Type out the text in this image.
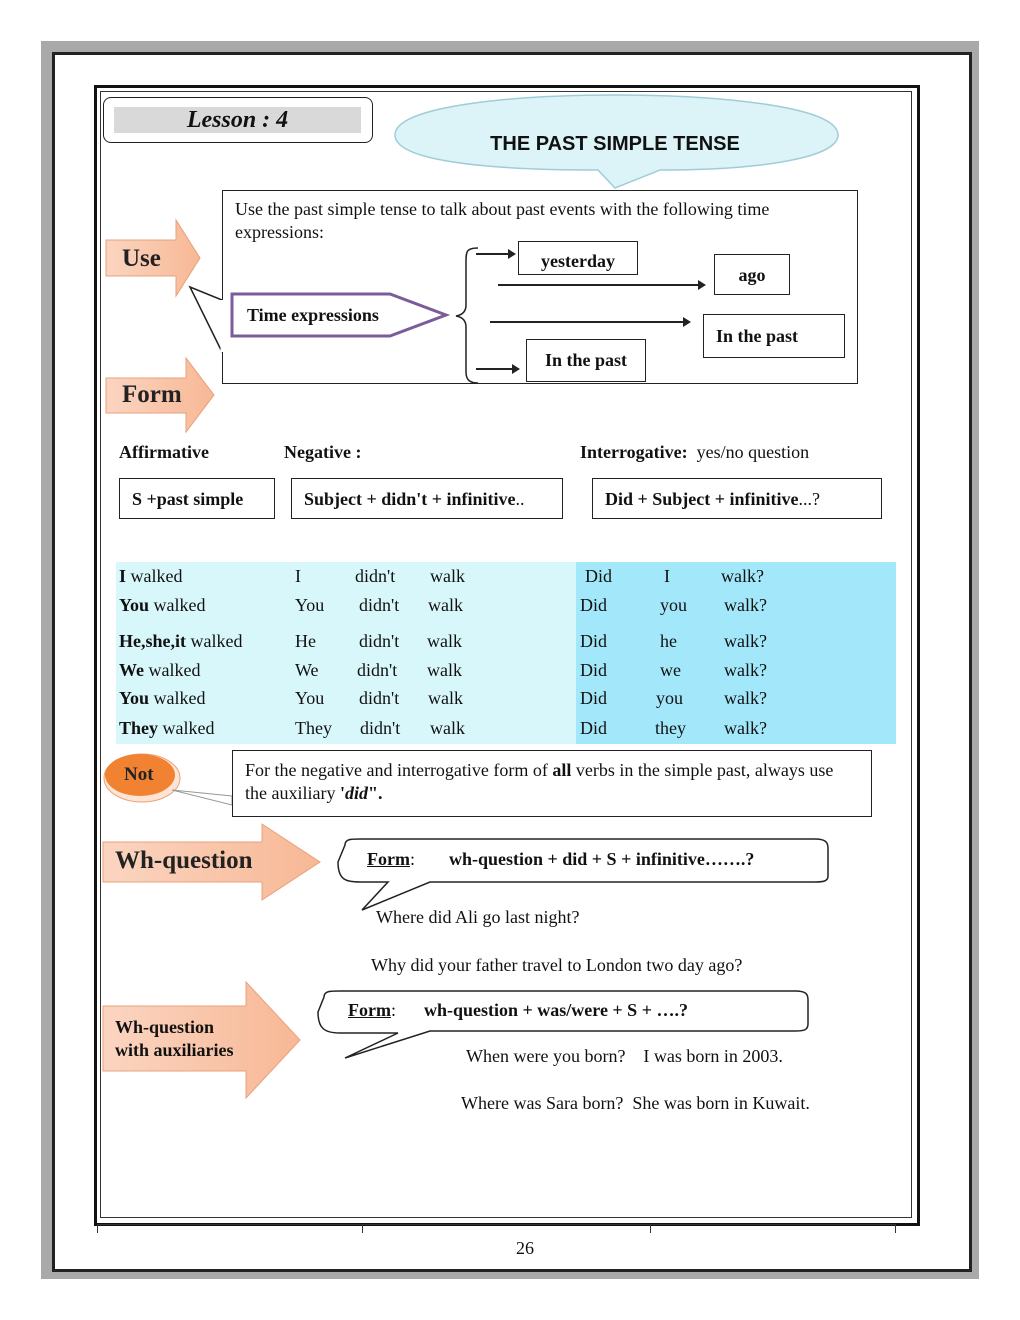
Lesson : 4
THE PAST SIMPLE TENSE
Use the past simple tense to talk about past events with the following time expressions:
Use
Form
Time expressions
yesterday
ago
In the past
In the past
Affirmative	Negative :	Interrogative: yes/no question
S +past simple	Subject + didn't + infinitive..	Did + Subject + infinitive...?
I walked	I	didn't walk	Did	I	walk?
You walked	You didn't walk	Did	you walk?
He,she,it walked	He didn't walk	Did	he	walk?
We walked	We didn't walk	Did	we walk?
You walked	You didn't walk	Did	you walk?
They walked	They didn't walk	Did	they walk?
Not	For the negative and interrogative form of all verbs in the simple past, always use the auxiliary 'did".
Wh-question	Form: wh-question + did + S + infinitive…….?
Where did Ali go last night?
Why did your father travel to London two day ago?
Wh-question
with auxiliaries
Form: wh-question + was/were + S + ….?
When were you born?    I was born in 2003.
Where was Sara born?  She was born in Kuwait.
26
